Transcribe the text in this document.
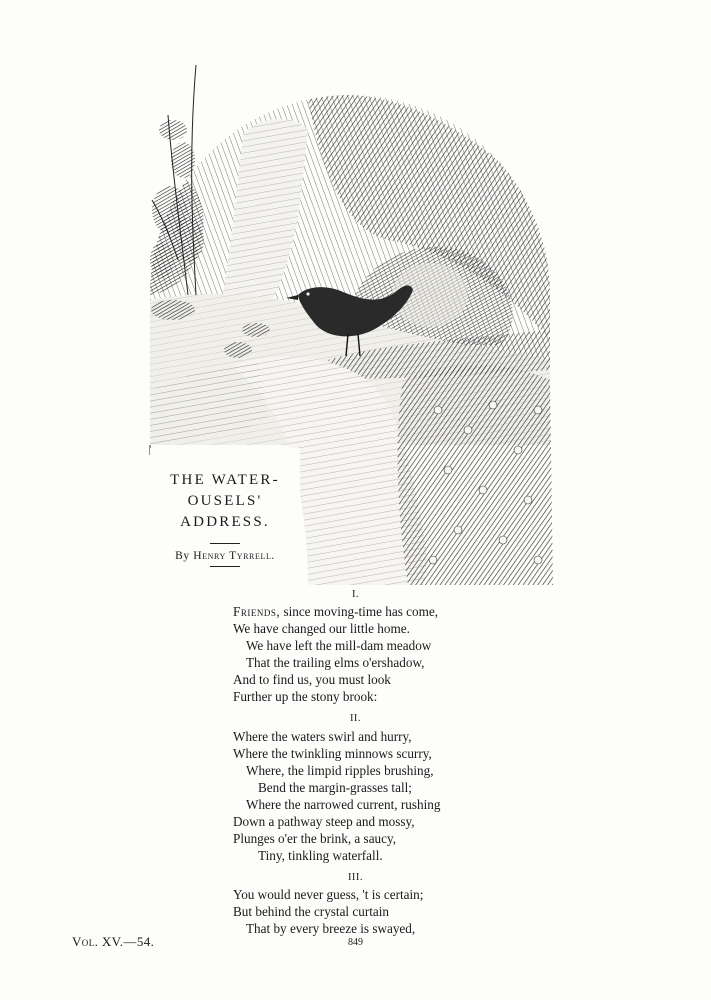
THE WATER-

OUSELS'

ADDRESS.

By Henry Tyrrell.
I.
Friends, since moving-time has come,
We have changed our little home.
We have left the mill-dam meadow
That the trailing elms o'ershadow,
And to find us, you must look
Further up the stony brook:
II.
Where the waters swirl and hurry,
Where the twinkling minnows scurry,
Where, the limpid ripples brushing,
Bend the margin-grasses tall;
Where the narrowed current, rushing
Down a pathway steep and mossy,
Plunges o'er the brink, a saucy,
Tiny, tinkling waterfall.
III.
You would never guess, 't is certain;
But behind the crystal curtain
That by every breeze is swayed,
Vol. XV.—54.	849
